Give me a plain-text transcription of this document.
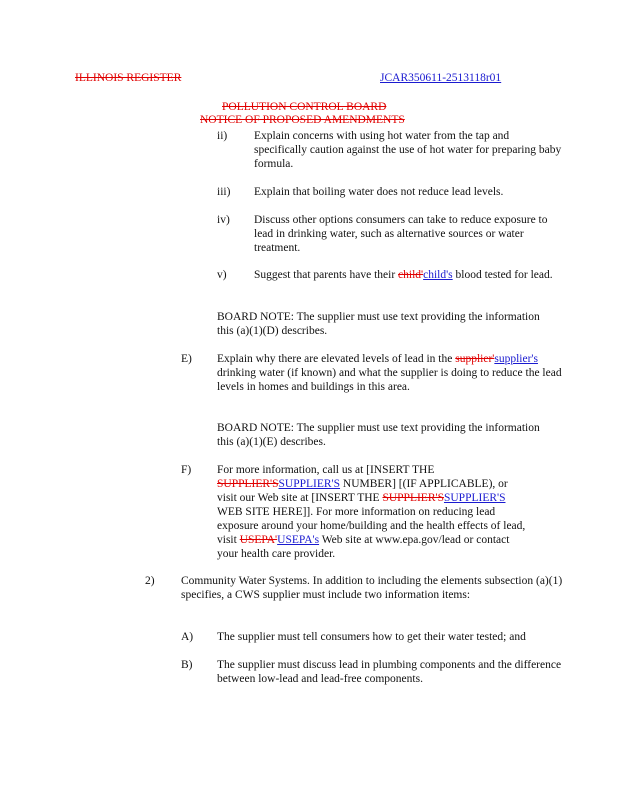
ILLINOIS REGISTER	JCAR350611-2513118r01
POLLUTION CONTROL BOARD
NOTICE OF PROPOSED AMENDMENTS
ii) Explain concerns with using hot water from the tap and specifically caution against the use of hot water for preparing baby formula.
iii) Explain that boiling water does not reduce lead levels.
iv) Discuss other options consumers can take to reduce exposure to lead in drinking water, such as alternative sources or water treatment.
v) Suggest that parents have their child'child's blood tested for lead.
BOARD NOTE: The supplier must use text providing the information this (a)(1)(D) describes.
E) Explain why there are elevated levels of lead in the supplier'supplier's drinking water (if known) and what the supplier is doing to reduce the lead levels in homes and buildings in this area.
BOARD NOTE: The supplier must use text providing the information this (a)(1)(E) describes.
F) For more information, call us at [INSERT THE
SUPPLIER'SSUPPLIER'S NUMBER] [(IF APPLICABLE), or
visit our Web site at [INSERT THE SUPPLIER'SSUPPLIER'S
WEB SITE HERE]]. For more information on reducing lead
exposure around your home/building and the health effects of lead,
visit USEPA'USEPA's Web site at www.epa.gov/lead or contact
your health care provider.
2) Community Water Systems. In addition to including the elements subsection (a)(1) specifies, a CWS supplier must include two information items:
A) The supplier must tell consumers how to get their water tested; and
B) The supplier must discuss lead in plumbing components and the difference between low-lead and lead-free components.
